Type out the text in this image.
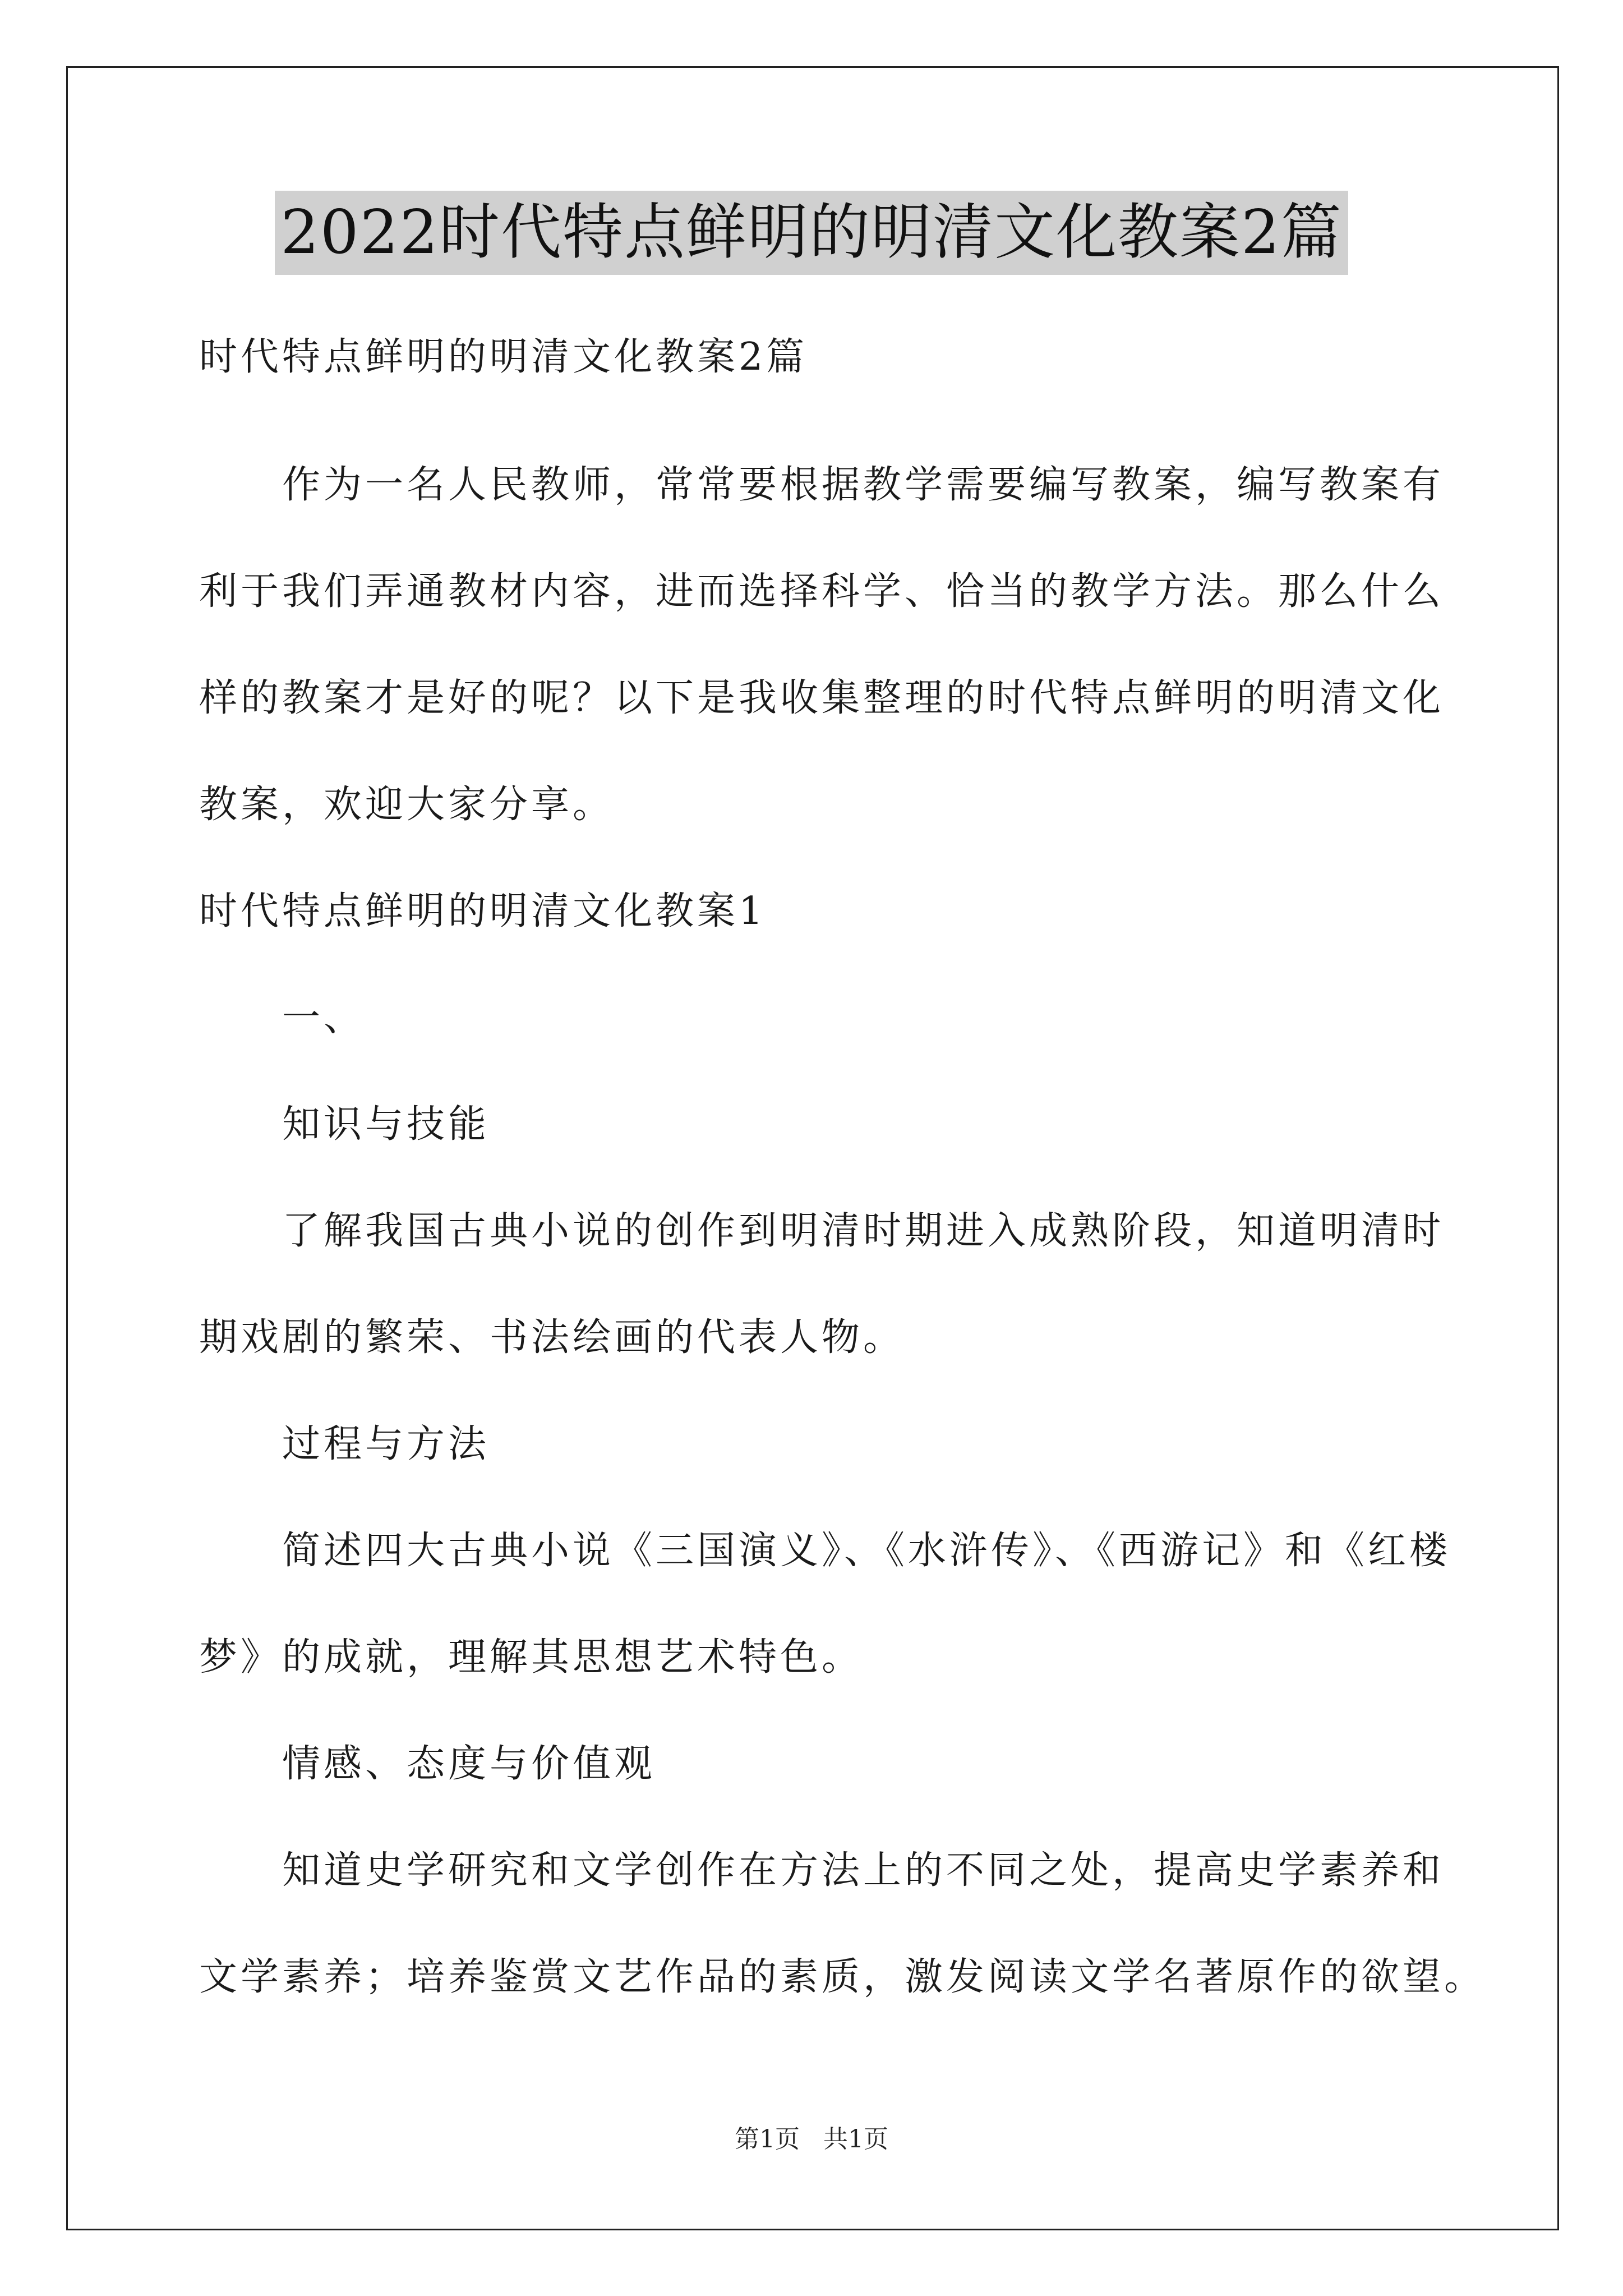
2022时代特点鲜明的明清文化教案2篇
时代特点鲜明的明清文化教案2篇
作为一名人民教师，常常要根据教学需要编写教案，编写教案有
利于我们弄通教材内容，进而选择科学、恰当的教学方法。那么什么
样的教案才是好的呢？以下是我收集整理的时代特点鲜明的明清文化
教案，欢迎大家分享。
时代特点鲜明的明清文化教案1
一、
知识与技能
了解我国古典小说的创作到明清时期进入成熟阶段，知道明清时
期戏剧的繁荣、书法绘画的代表人物。
过程与方法
简述四大古典小说《三国演义》、《水浒传》、《西游记》和《红楼
梦》的成就，理解其思想艺术特色。
情感、态度与价值观
知道史学研究和文学创作在方法上的不同之处，提高史学素养和
文学素养；培养鉴赏文艺作品的素质，激发阅读文学名著原作的欲望。
第1页 共1页
